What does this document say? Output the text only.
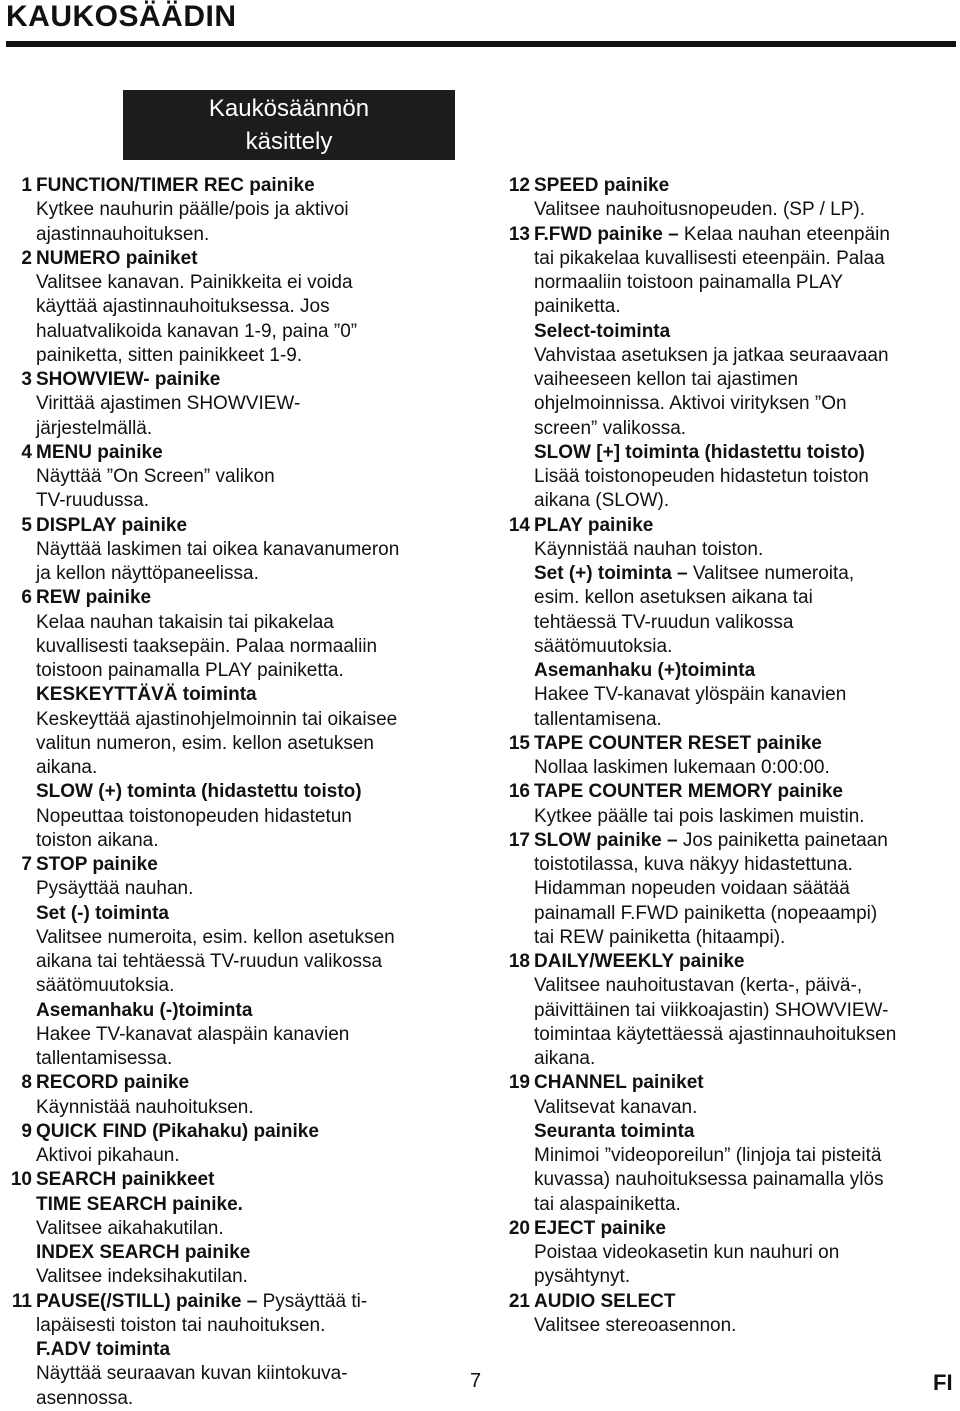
KAUKOSÄÄDIN
Kaukösäännön
käsittely
1 FUNCTION/TIMER REC painike
Kytkee nauhurin päälle/pois ja aktivoi
ajastinnauhoituksen.
2 NUMERO painiket
Valitsee kanavan. Painikkeita ei voida
käyttää ajastinnauhoituksessa. Jos
haluatvalikoida kanavan 1-9, paina ”0”
painiketta, sitten painikkeet 1-9.
3 SHOWVIEW- painike
Virittää ajastimen SHOWVIEW-
järjestelmällä.
4 MENU painike
Näyttää ”On Screen” valikon
TV-ruudussa.
5 DISPLAY painike
Näyttää laskimen tai oikea kanavanumeron
ja kellon näyttöpaneelissa.
6 REW painike
Kelaa nauhan takaisin tai pikakelaa
kuvallisesti taaksepäin. Palaa normaaliin
toistoon painamalla PLAY painiketta.
KESKEYTTÄVÄ toiminta
Keskeyttää ajastinohjelmoinnin tai oikaisee
valitun numeron, esim. kellon asetuksen
aikana.
SLOW (+) tominta (hidastettu toisto)
Nopeuttaa toistonopeuden hidastetun
toiston aikana.
7 STOP painike
Pysäyttää nauhan.
Set (-) toiminta
Valitsee numeroita, esim. kellon asetuksen
aikana tai tehtäessä TV-ruudun valikossa
säätömuutoksia.
Asemanhaku (-)toiminta
Hakee TV-kanavat alaspäin kanavien
tallentamisessa.
8 RECORD painike
Käynnistää nauhoituksen.
9 QUICK FIND (Pikahaku) painike
Aktivoi pikahaun.
10 SEARCH painikkeet
TIME SEARCH painike.
Valitsee aikahakutilan.
INDEX SEARCH painike
Valitsee indeksihakutilan.
11 PAUSE(/STILL) painike – Pysäyttää ti-
lapäisesti toiston tai nauhoituksen.
F.ADV toiminta
Näyttää seuraavan kuvan kiintokuva-
asennossa.
12 SPEED painike
Valitsee nauhoitusnopeuden. (SP / LP).
13 F.FWD painike – Kelaa nauhan eteenpäin
tai pikakelaa kuvallisesti eteenpäin. Palaa
normaaliin toistoon painamalla PLAY
painiketta.
Select-toiminta
Vahvistaa asetuksen ja jatkaa seuraavaan
vaiheeseen kellon tai ajastimen
ohjelmoinnissa. Aktivoi virityksen ”On
screen” valikossa.
SLOW [+] toiminta (hidastettu toisto)
Lisää toistonopeuden hidastetun toiston
aikana (SLOW).
14 PLAY painike
Käynnistää nauhan toiston.
Set (+) toiminta – Valitsee numeroita,
esim. kellon asetuksen aikana tai
tehtäessä TV-ruudun valikossa
säätömuutoksia.
Asemanhaku (+)toiminta
Hakee TV-kanavat ylöspäin kanavien
tallentamisena.
15 TAPE COUNTER RESET painike
Nollaa laskimen lukemaan 0:00:00.
16 TAPE COUNTER MEMORY painike
Kytkee päälle tai pois laskimen muistin.
17 SLOW painike – Jos painiketta painetaan
toistotilassa, kuva näkyy hidastettuna.
Hidamman nopeuden voidaan säätää
painamall F.FWD painiketta (nopeaampi)
tai REW painiketta (hitaampi).
18 DAILY/WEEKLY painike
Valitsee nauhoitustavan (kerta-, päivä-,
päivittäinen tai viikkoajastin) SHOWVIEW-
toimintaa käytettäessä ajastinnauhoituksen
aikana.
19 CHANNEL painiket
Valitsevat kanavan.
Seuranta toiminta
Minimoi ”videoporeilun” (linjoja tai pisteitä
kuvassa) nauhoituksessa painamalla ylös
tai alaspainiketta.
20 EJECT painike
Poistaa videokasetin kun nauhuri on
pysähtynyt.
21 AUDIO SELECT
Valitsee stereoasennon.
7	FI
